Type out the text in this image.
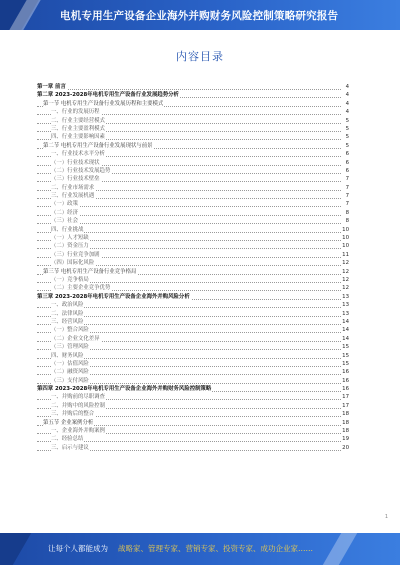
电机专用生产设备企业海外并购财务风险控制策略研究报告
内容目录
第一章 前言	4
第二章 2023-2028年电机专用生产设备行业发展趋势分析	4
第一节 电机专用生产设备行业发展历程和主要模式	4
一、行业的发展历程	4
二、行业主要经营模式	5
三、行业主要盈利模式	5
四、行业主要影响因素	5
第二节 电机专用生产设备行业发展现状与前景	5
一、行业技术水平分析	6
（一）行业技术现状	6
（二）行业技术发展趋势	6
（三）行业技术壁垒	7
二、行业市场需求	7
三、行业发展机遇	7
（一）政策	7
（二）经济	8
（三）社会	8
四、行业挑战	10
（一）人才短缺	10
（二）资金压力	10
（三）行业竞争加剧	11
（四）国际化风险	12
第三节 电机专用生产设备行业竞争格局	12
（一）竞争格局	12
（二）主要企业竞争优势	12
第三章 2023-2028年电机专用生产设备企业海外并购风险分析	13
一、政治风险	13
二、法律风险	13
三、经营风险	14
（一）整合风险	14
（二）企业文化差异	14
（三）管理风险	15
四、财务风险	15
（一）估值风险	15
（二）融资风险	16
（三）支付风险	16
第四章 2023-2028年电机专用生产设备企业海外并购财务风险控制策略	16
一、并购前的尽职调查	17
二、并购中的风险控制	17
三、并购后的整合	18
第五节 企业案例分析	18
一、企业海外并购案例	18
二、经验总结	19
三、启示与建议	20
1
让每个人都能成为 战略家、管理专家、营销专家、投资专家、成功企业家……
